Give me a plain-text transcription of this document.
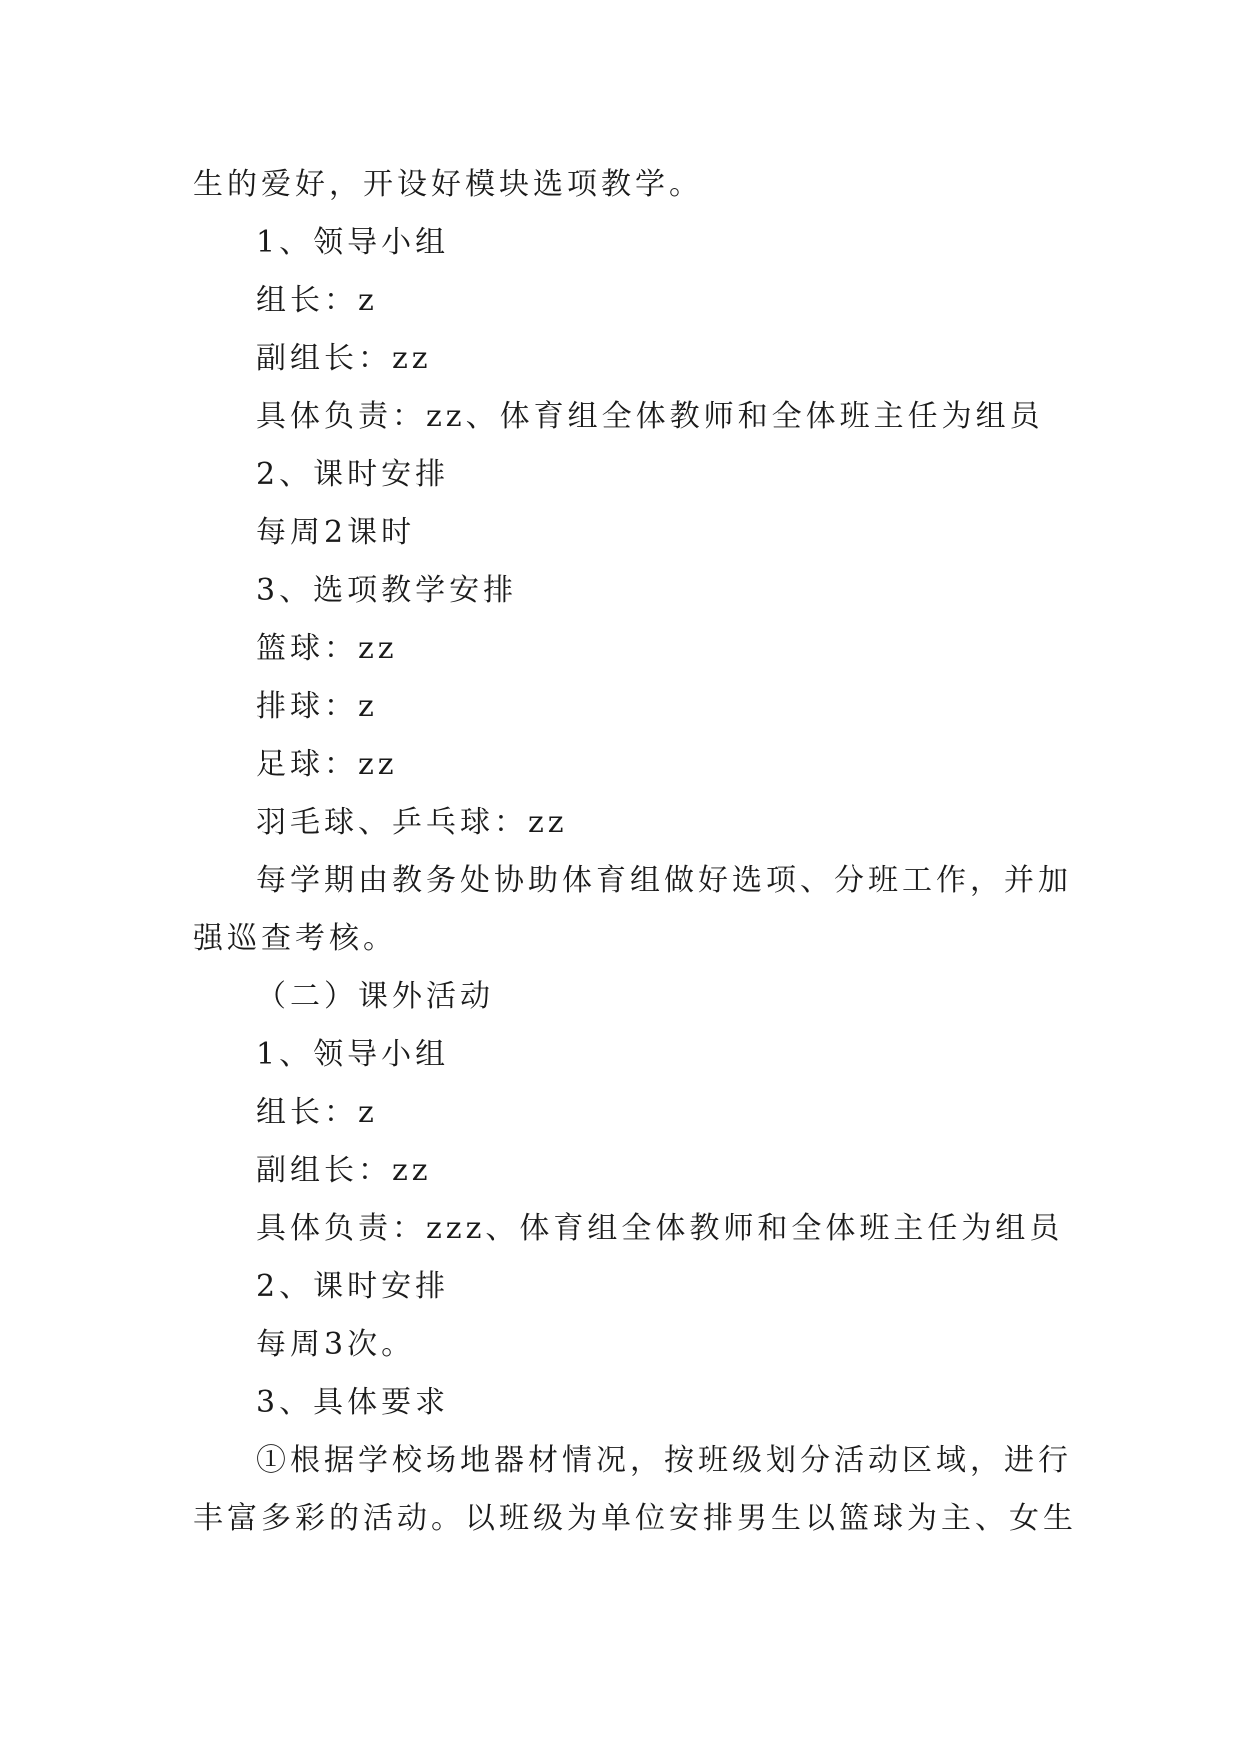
生的爱好，开设好模块选项教学。
1、领导小组
组长：z
副组长：zz
具体负责：zz、体育组全体教师和全体班主任为组员
2、课时安排
每周2课时
3、选项教学安排
篮球：zz
排球：z
足球：zz
羽毛球、乒乓球：zz
每学期由教务处协助体育组做好选项、分班工作，并加
强巡查考核。
（二）课外活动
1、领导小组
组长：z
副组长：zz
具体负责：zzz、体育组全体教师和全体班主任为组员
2、课时安排
每周3次。
3、具体要求
①根据学校场地器材情况，按班级划分活动区域，进行
丰富多彩的活动。以班级为单位安排男生以篮球为主、女生
